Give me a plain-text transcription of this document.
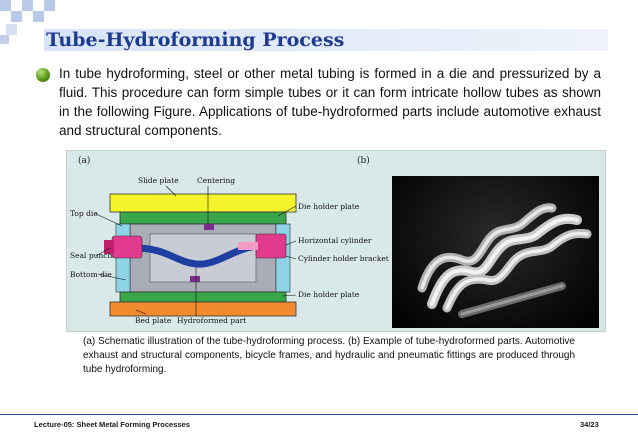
Tube-Hydroforming Process
In tube hydroforming, steel or other metal tubing is formed in a die and pressurized by a fluid. This procedure can form simple tubes or it can form intricate hollow tubes as shown in the following Figure. Applications of tube-hydroformed parts include automotive exhaust and structural components.
(a)	(b)
Slide plate Centering
Die holder plate
Top die
Seal punch
Bottom die
Horizontal cylinder
Cylinder holder bracket
Die holder plate
Bed plate Hydroformed part
(a) Schematic illustration of the tube-hydroforming process. (b) Example of tube-hydroformed parts. Automotive exhaust and structural components, bicycle frames, and hydraulic and pneumatic fittings are produced through tube hydroforming.
Lecture-05: Sheet Metal Forming Processes	34/23
